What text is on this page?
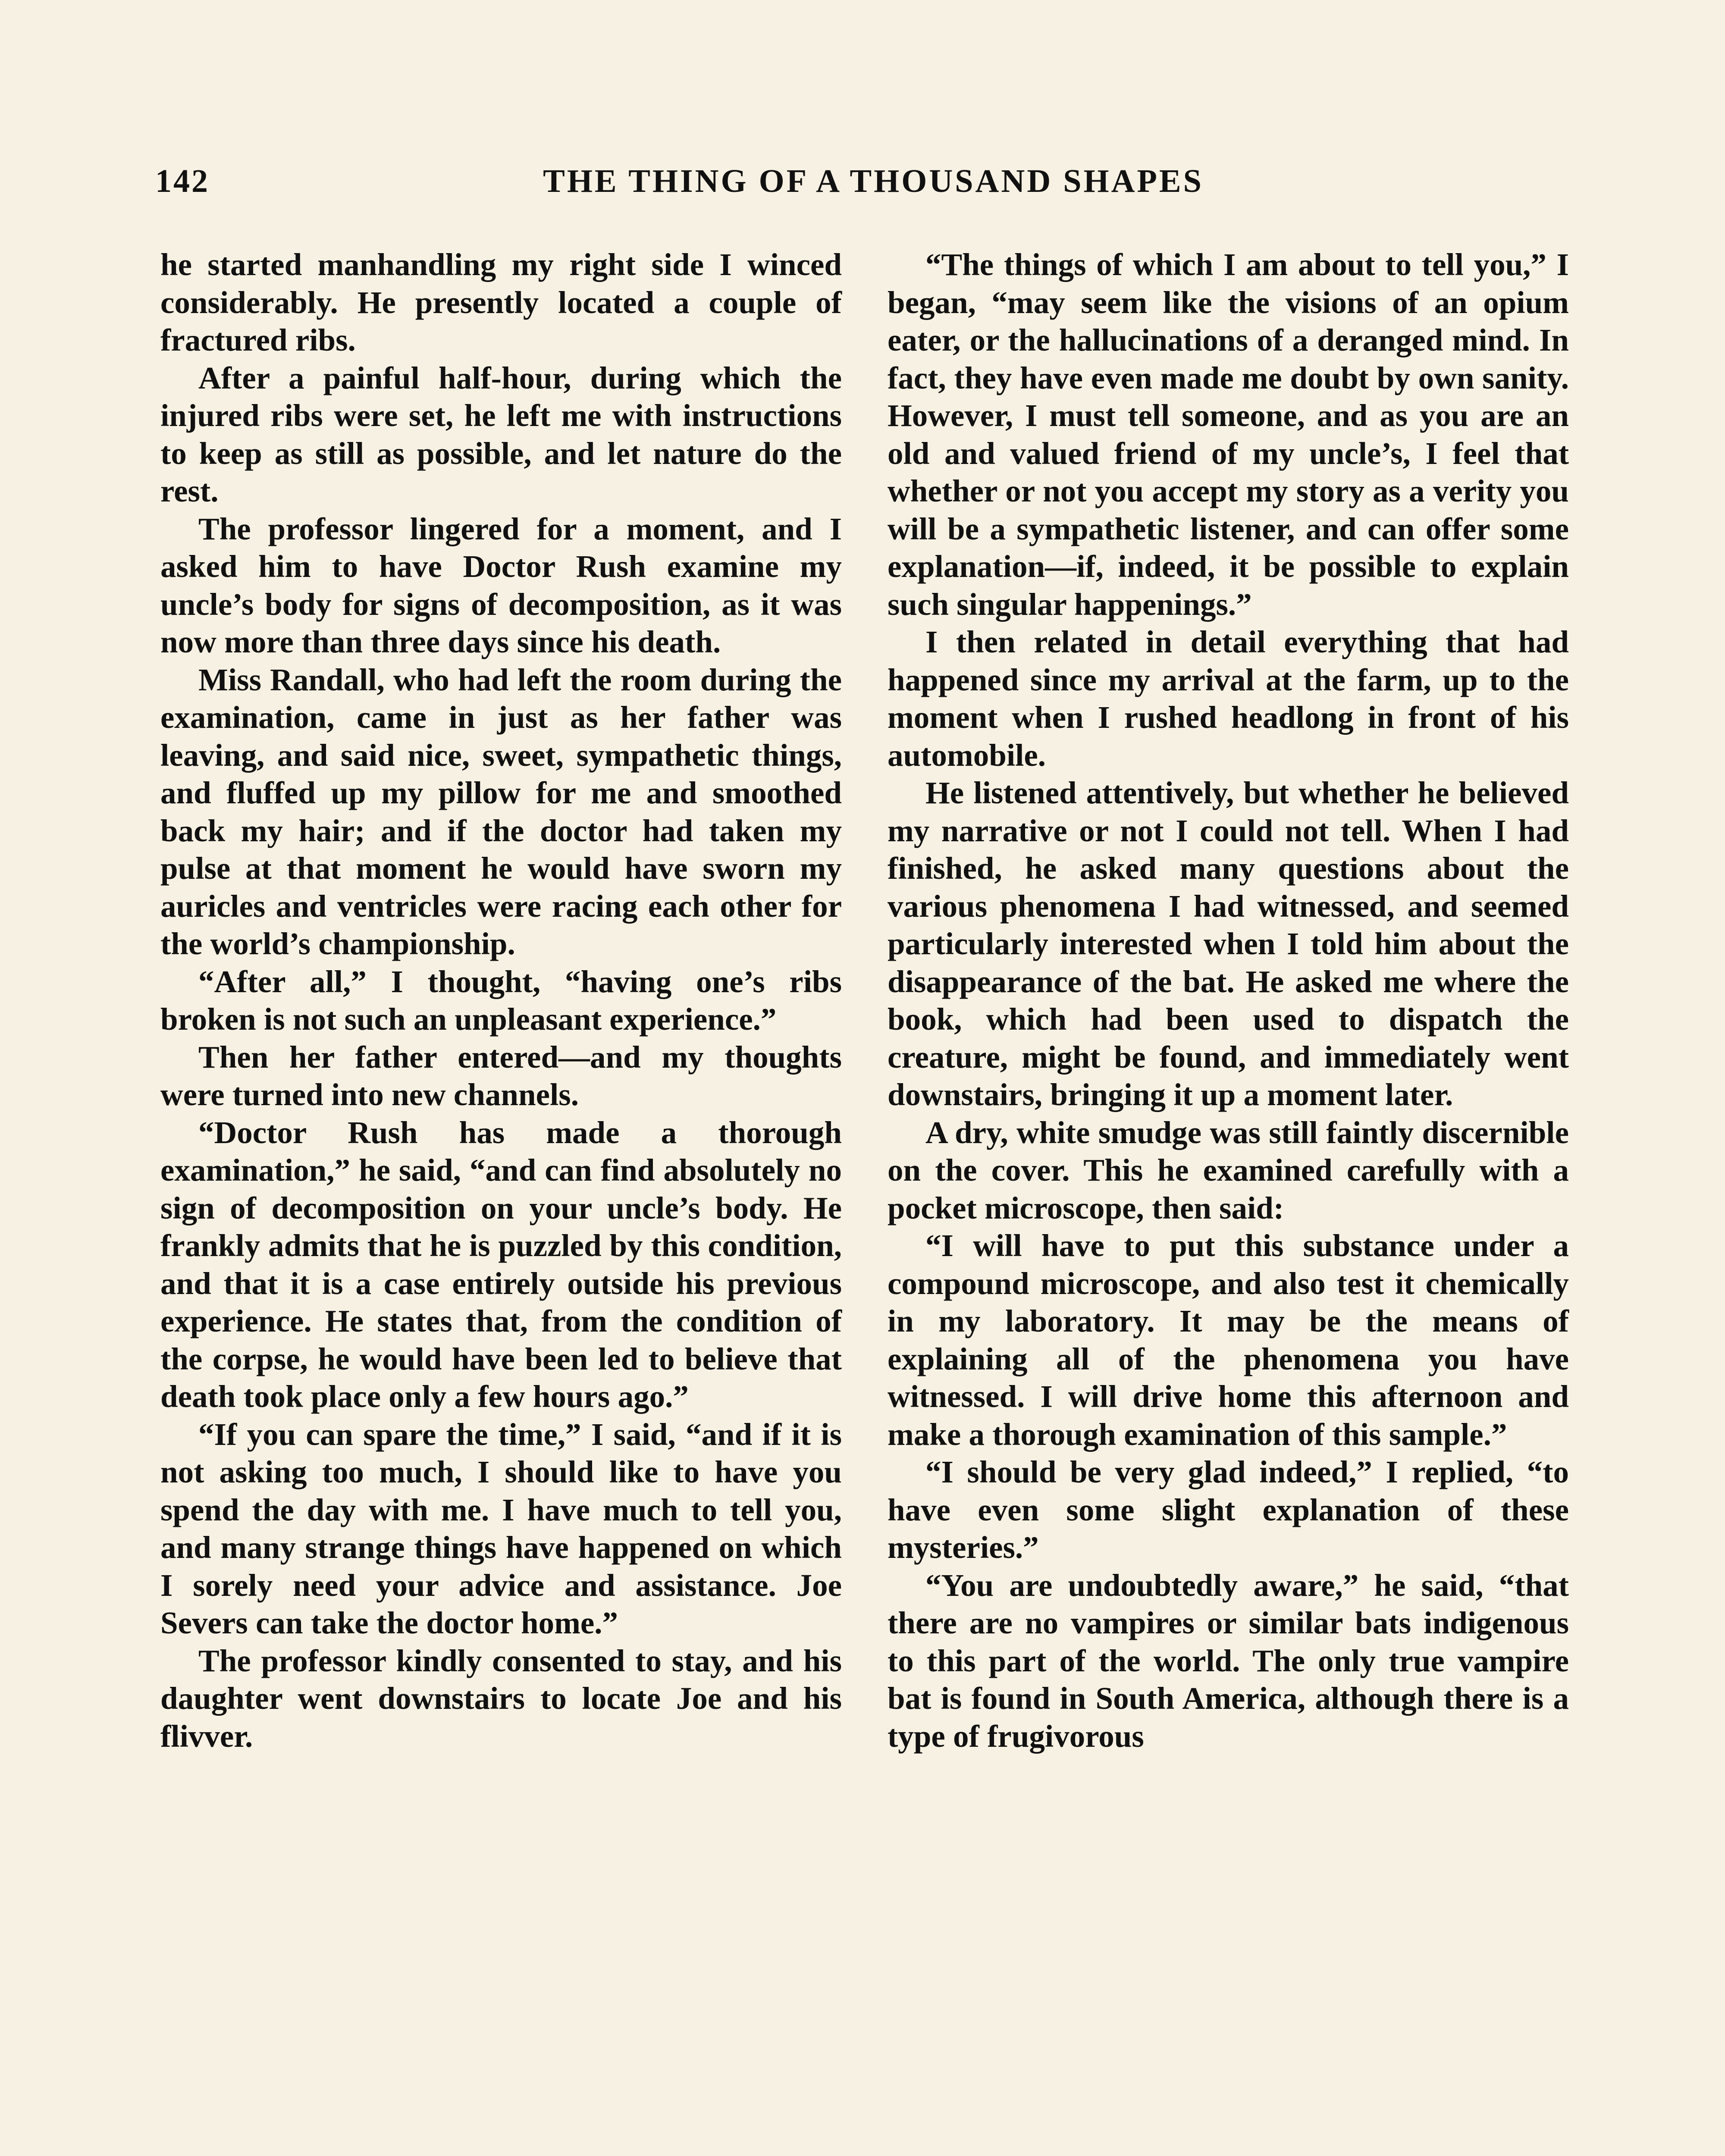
142	THE THING OF A THOUSAND SHAPES

he started manhandling my right side I winced considerably. He presently located a couple of fractured ribs.

After a painful half-hour, during which the injured ribs were set, he left me with instructions to keep as still as possible, and let nature do the rest.

The professor lingered for a moment, and I asked him to have Doctor Rush examine my uncle’s body for signs of decomposition, as it was now more than three days since his death.

Miss Randall, who had left the room during the examination, came in just as her father was leaving, and said nice, sweet, sympathetic things, and fluffed up my pillow for me and smoothed back my hair; and if the doctor had taken my pulse at that moment he would have sworn my auricles and ventricles were racing each other for the world’s championship.

“After all,” I thought, “having one’s ribs broken is not such an unpleasant experience.”

Then her father entered—and my thoughts were turned into new channels.

“Doctor Rush has made a thorough examination,” he said, “and can find absolutely no sign of decomposition on your uncle’s body. He frankly admits that he is puzzled by this condition, and that it is a case entirely outside his previous experience. He states that, from the condition of the corpse, he would have been led to believe that death took place only a few hours ago.”

“If you can spare the time,” I said, “and if it is not asking too much, I should like to have you spend the day with me. I have much to tell you, and many strange things have happened on which I sorely need your advice and assistance. Joe Severs can take the doctor home.”

The professor kindly consented to stay, and his daughter went downstairs to locate Joe and his flivver.

“The things of which I am about to tell you,” I began, “may seem like the visions of an opium eater, or the hallucinations of a deranged mind. In fact, they have even made me doubt by own sanity. However, I must tell someone, and as you are an old and valued friend of my uncle’s, I feel that whether or not you accept my story as a verity you will be a sympathetic listener, and can offer some explanation—if, indeed, it be possible to explain such singular happenings.”

I then related in detail everything that had happened since my arrival at the farm, up to the moment when I rushed headlong in front of his automobile.

He listened attentively, but whether he believed my narrative or not I could not tell. When I had finished, he asked many questions about the various phenomena I had witnessed, and seemed particularly interested when I told him about the disappearance of the bat. He asked me where the book, which had been used to dispatch the creature, might be found, and immediately went downstairs, bringing it up a moment later.

A dry, white smudge was still faintly discernible on the cover. This he examined carefully with a pocket microscope, then said:

“I will have to put this substance under a compound microscope, and also test it chemically in my laboratory. It may be the means of explaining all of the phenomena you have witnessed. I will drive home this afternoon and make a thorough examination of this sample.”

“I should be very glad indeed,” I replied, “to have even some slight explanation of these mysteries.”

“You are undoubtedly aware,” he said, “that there are no vampires or similar bats indigenous to this part of the world. The only true vampire bat is found in South America, although there is a type of frugivorous
